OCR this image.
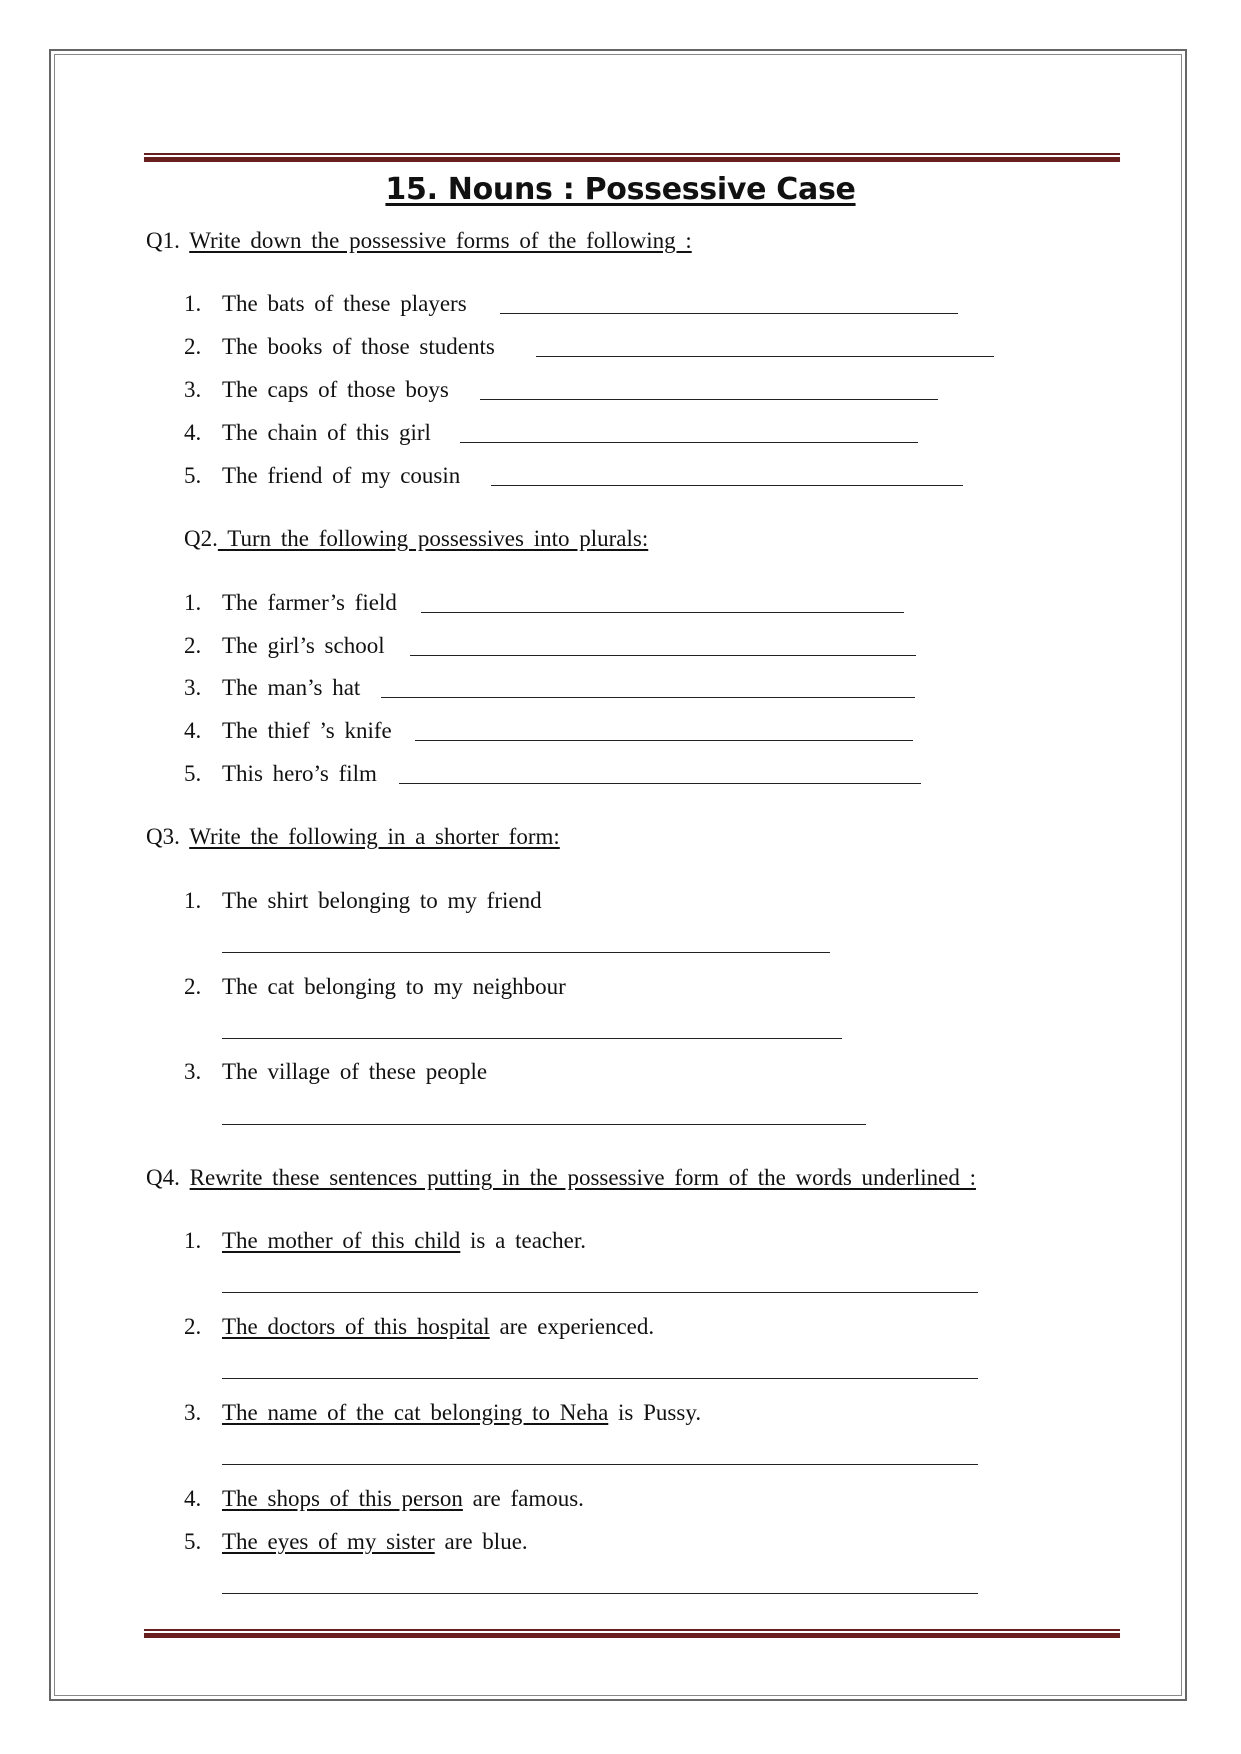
15. Nouns : Possessive Case
Q1. Write down the possessive forms of the following :
1. The bats of these players
2. The books of those students
3. The caps of those boys
4. The chain of this girl
5. The friend of my cousin
Q2. Turn the following possessives into plurals:
1. The farmer’s field
2. The girl’s school
3. The man’s hat
4. The thief ’s knife
5. This hero’s film
Q3. Write the following in a shorter form:
1. The shirt belonging to my friend
2. The cat belonging to my neighbour
3. The village of these people
Q4. Rewrite these sentences putting in the possessive form of the words underlined :
1. The mother of this child is a teacher.
2. The doctors of this hospital are experienced.
3. The name of the cat belonging to Neha is Pussy.
4. The shops of this person are famous.
5. The eyes of my sister are blue.
